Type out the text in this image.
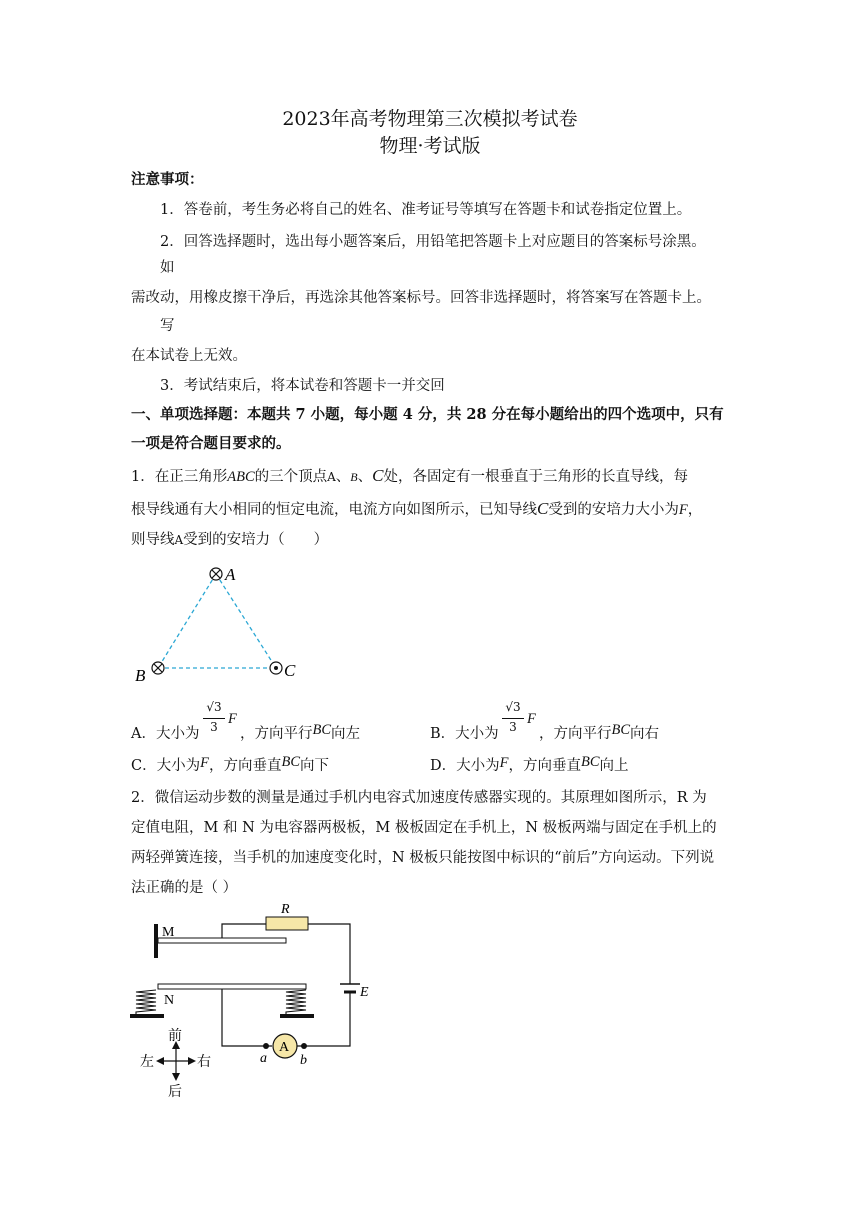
2023年高考物理第三次模拟考试卷
物理·考试版
注意事项：
1．答卷前，考生务必将自己的姓名、准考证号等填写在答题卡和试卷指定位置上。
2．回答选择题时，选出每小题答案后，用铅笔把答题卡上对应题目的答案标号涂黑。
如
需改动，用橡皮擦干净后，再选涂其他答案标号。回答非选择题时，将答案写在答题卡上。
写
在本试卷上无效。
3．考试结束后，将本试卷和答题卡一并交回
一、单项选择题：本题共 7 小题，每小题 4 分，共 28 分在每小题给出的四个选项中，只有
一项是符合题目要求的。
1．在正三角形ABC的三个顶点A、B、C处，各固定有一根垂直于三角形的长直导线，每
根导线通有大小相同的恒定电流，电流方向如图所示，已知导线C受到的安培力大小为F，
则导线A受到的安培力（　　）
A
B	C
A．大小为
√3
3 F
，方向平行BC向左	B．大小为
√3
3 F
，方向平行BC向右
C．大小为F，方向垂直BC向下	D．大小为F，方向垂直BC向上
2．微信运动步数的测量是通过手机内电容式加速度传感器实现的。其原理如图所示，R 为
定值电阻，M 和 N 为电容器两极板，M 极板固定在手机上，N 极板两端与固定在手机上的
两轻弹簧连接，当手机的加速度变化时，N 极板只能按图中标识的“前后”方向运动。下列说
法正确的是（ ）
M
R
E
N
A
a b
前
后
左	右
